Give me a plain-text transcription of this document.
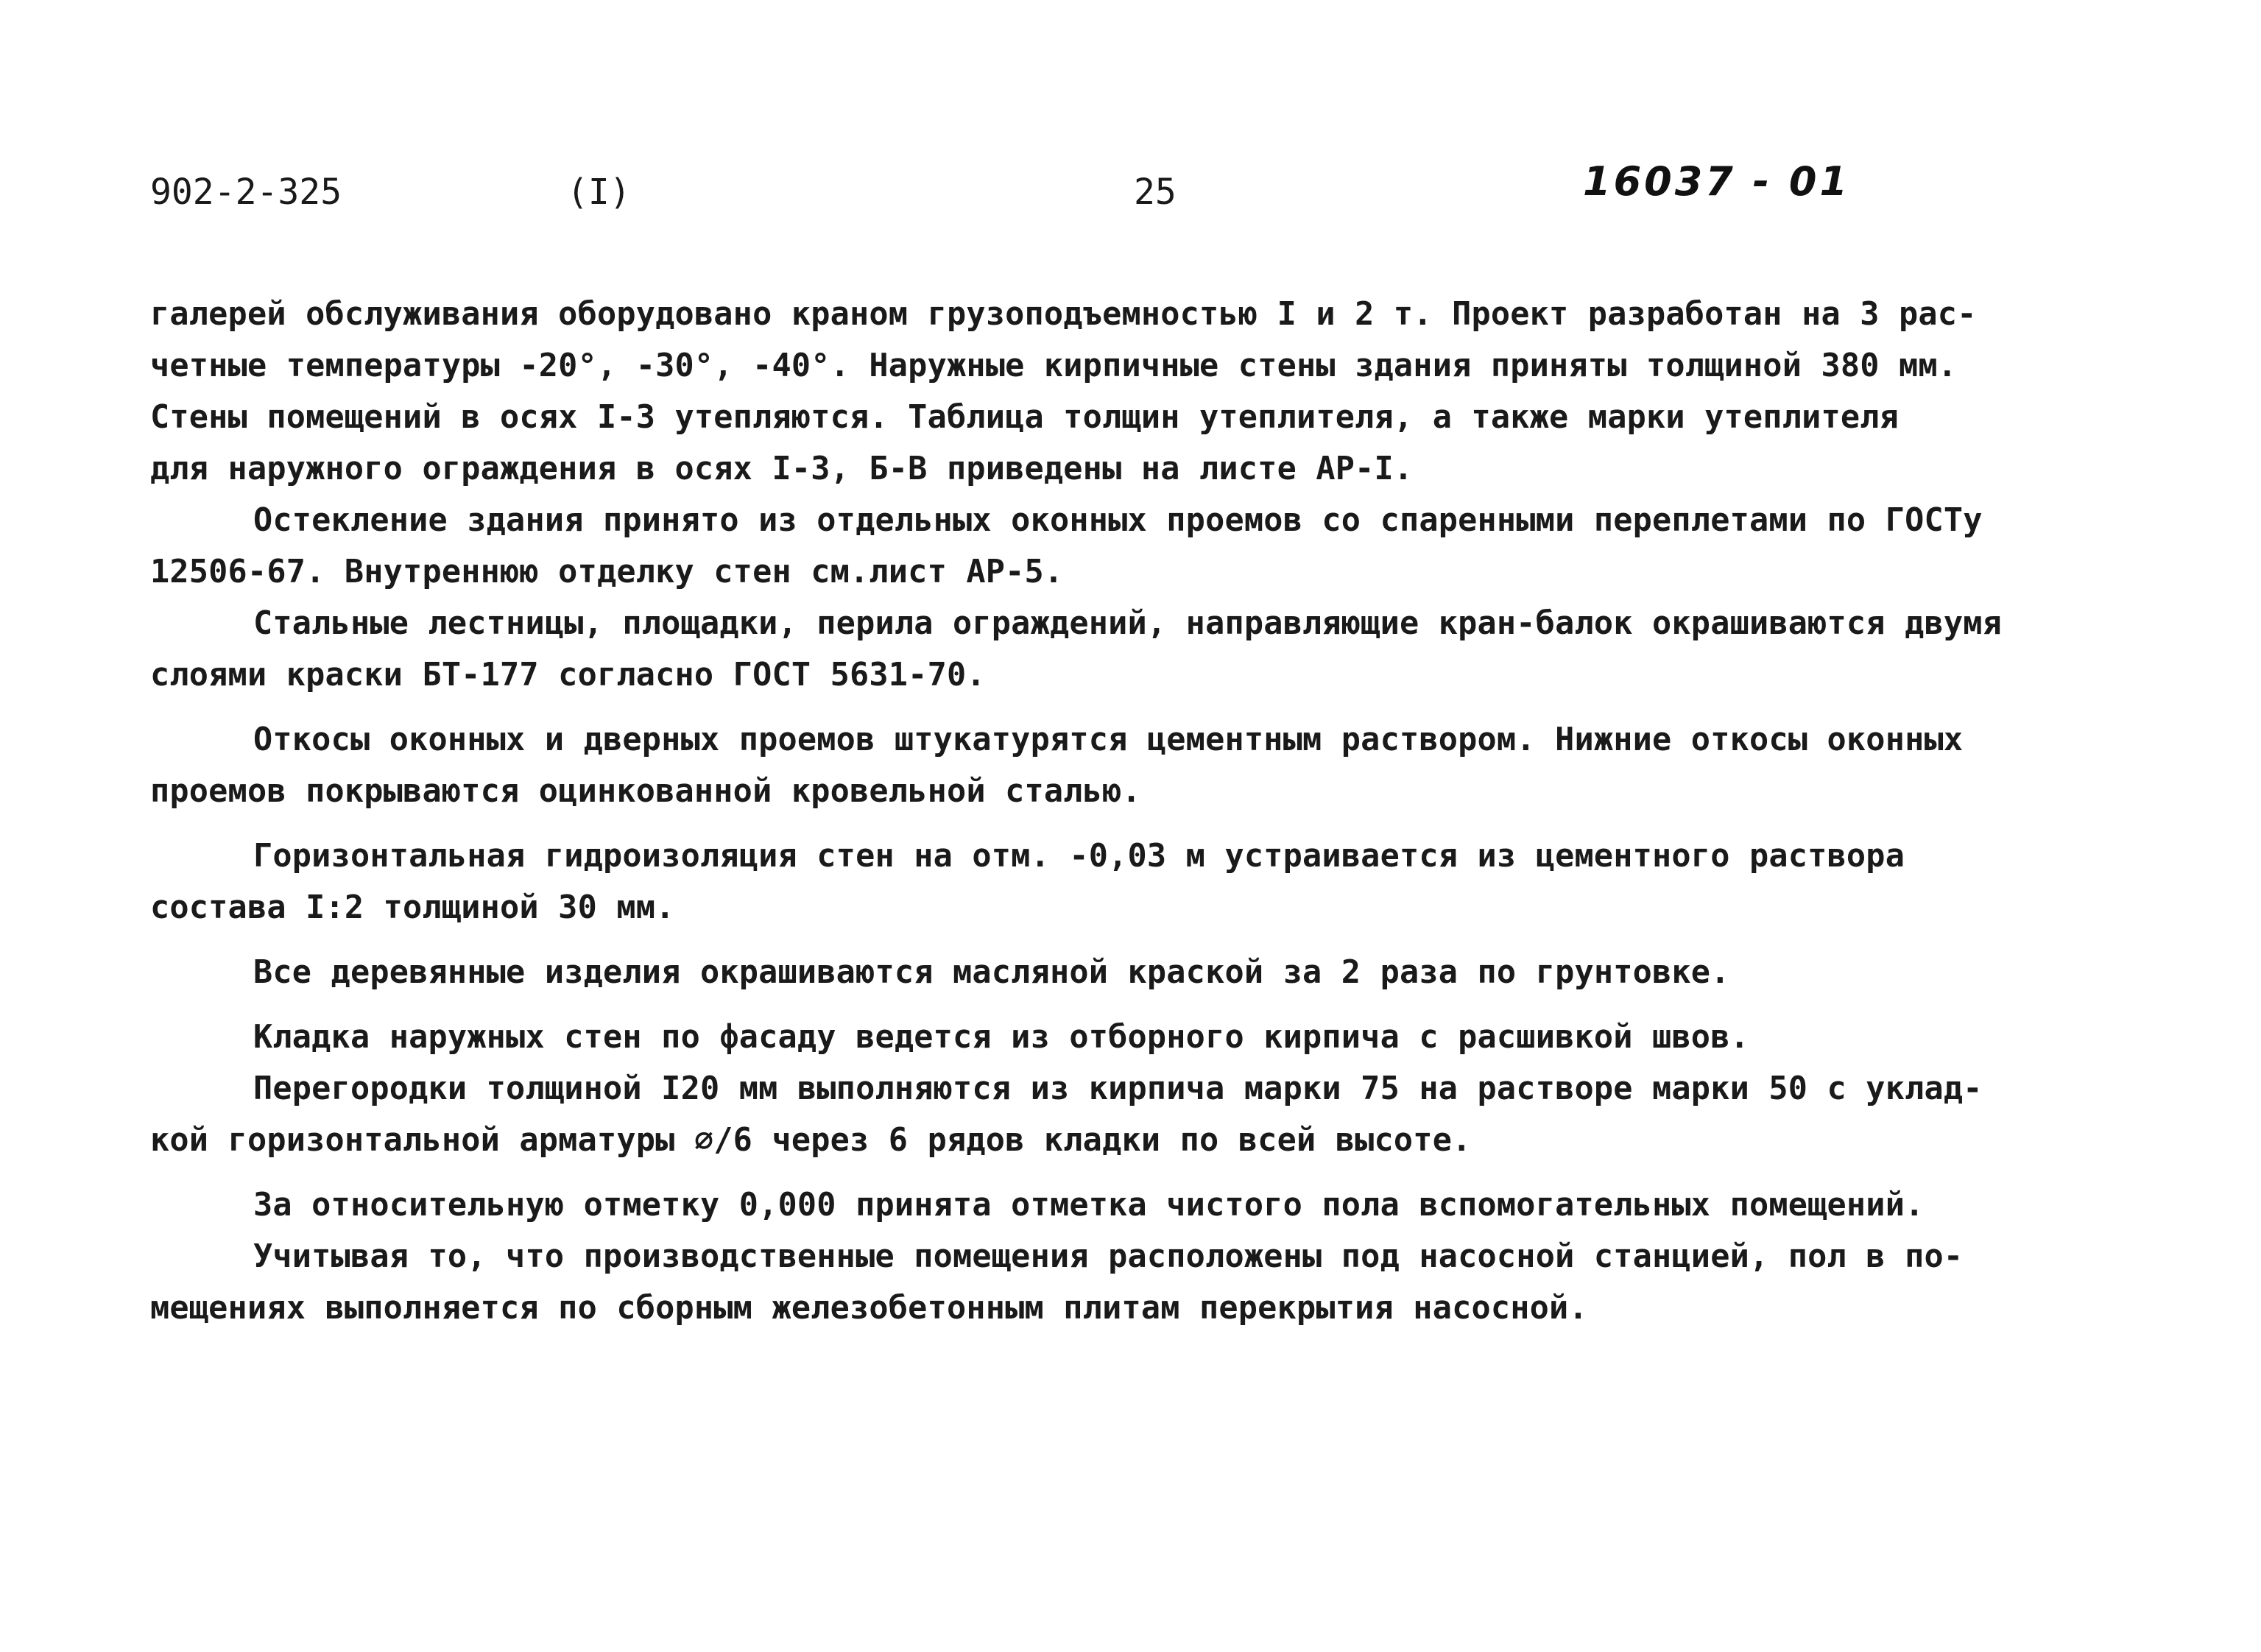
902-2-325	(I)	25	16037 - 01
галерей обслуживания оборудовано краном грузоподъемностью I и 2 т. Проект разработан на 3 рас-
четные температуры -20°, -30°, -40°. Наружные кирпичные стены здания приняты толщиной 380 мм.
Стены помещений в осях I-3 утепляются. Таблица толщин утеплителя, а также марки утеплителя
для наружного ограждения в осях I-3, Б-В приведены на листе АР-I.
Остекление здания принято из отдельных оконных проемов со спаренными переплетами по ГОСТу
12506-67. Внутреннюю отделку стен см.лист АР-5.
Стальные лестницы, площадки, перила ограждений, направляющие кран-балок окрашиваются двумя
слоями краски БТ-177 согласно ГОСТ 5631-70.
Откосы оконных и дверных проемов штукатурятся цементным раствором. Нижние откосы оконных
проемов покрываются оцинкованной кровельной сталью.
Горизонтальная гидроизоляция стен на отм. -0,03 м устраивается из цементного раствора
состава I:2 толщиной 30 мм.
Все деревянные изделия окрашиваются масляной краской за 2 раза по грунтовке.
Кладка наружных стен по фасаду ведется из отборного кирпича с расшивкой швов.
Перегородки толщиной I20 мм выполняются из кирпича марки 75 на растворе марки 50 с уклад-
кой горизонтальной арматуры ∅/6 через 6 рядов кладки по всей высоте.
За относительную отметку 0,000 принята отметка чистого пола вспомогательных помещений.
Учитывая то, что производственные помещения расположены под насосной станцией, пол в по-
мещениях выполняется по сборным железобетонным плитам перекрытия насосной.
